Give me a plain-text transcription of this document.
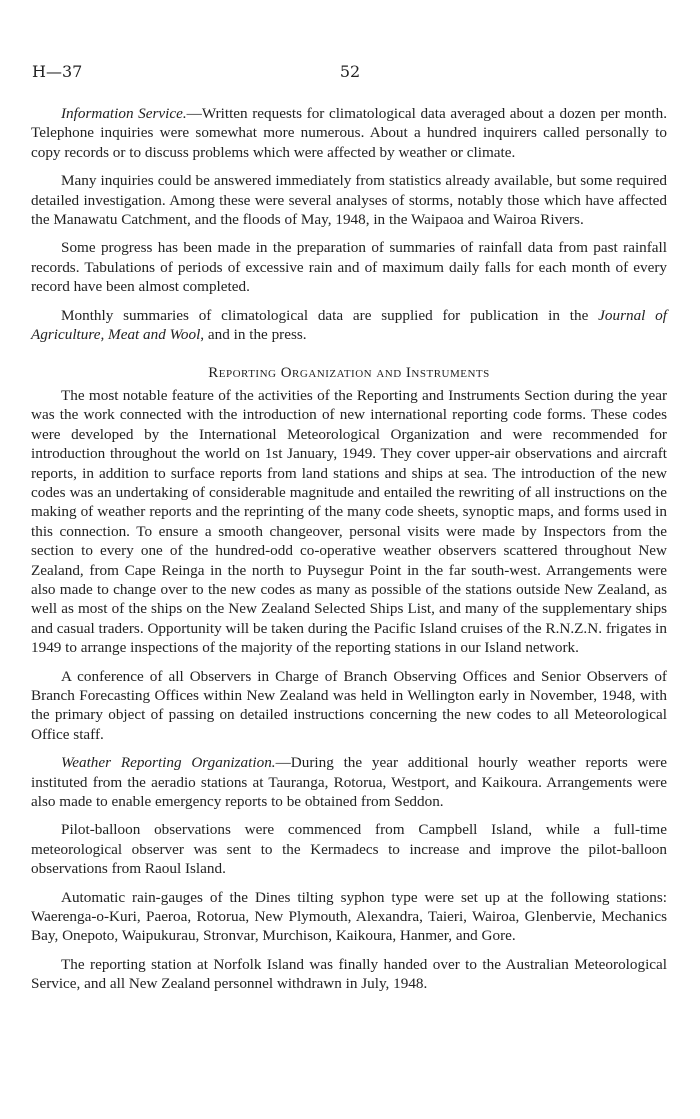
H—37	52

Information Service.—Written requests for climatological data averaged about a dozen per month. Telephone inquiries were somewhat more numerous. About a hundred inquirers called personally to copy records or to discuss problems which were affected by weather or climate.

Many inquiries could be answered immediately from statistics already available, but some required detailed investigation. Among these were several analyses of storms, notably those which have affected the Manawatu Catchment, and the floods of May, 1948, in the Waipaoa and Wairoa Rivers.

Some progress has been made in the preparation of summaries of rainfall data from past rainfall records. Tabulations of periods of excessive rain and of maximum daily falls for each month of every record have been almost completed.

Monthly summaries of climatological data are supplied for publication in the Journal of Agriculture, Meat and Wool, and in the press.

Reporting Organization and Instruments

The most notable feature of the activities of the Reporting and Instruments Section during the year was the work connected with the introduction of new international reporting code forms. These codes were developed by the International Meteorological Organization and were recommended for introduction throughout the world on 1st January, 1949. They cover upper-air observations and aircraft reports, in addition to surface reports from land stations and ships at sea. The introduction of the new codes was an undertaking of considerable magnitude and entailed the rewriting of all instructions on the making of weather reports and the reprinting of the many code sheets, synoptic maps, and forms used in this connection. To ensure a smooth changeover, personal visits were made by Inspectors from the section to every one of the hundred-odd co-operative weather observers scattered throughout New Zealand, from Cape Reinga in the north to Puysegur Point in the far south-west. Arrangements were also made to change over to the new codes as many as possible of the stations outside New Zealand, as well as most of the ships on the New Zealand Selected Ships List, and many of the supplementary ships and casual traders. Opportunity will be taken during the Pacific Island cruises of the R.N.Z.N. frigates in 1949 to arrange inspections of the majority of the reporting stations in our Island network.

A conference of all Observers in Charge of Branch Observing Offices and Senior Observers of Branch Forecasting Offices within New Zealand was held in Wellington early in November, 1948, with the primary object of passing on detailed instructions concerning the new codes to all Meteorological Office staff.

Weather Reporting Organization.—During the year additional hourly weather reports were instituted from the aeradio stations at Tauranga, Rotorua, Westport, and Kaikoura. Arrangements were also made to enable emergency reports to be obtained from Seddon.

Pilot-balloon observations were commenced from Campbell Island, while a full-time meteorological observer was sent to the Kermadecs to increase and improve the pilot-balloon observations from Raoul Island.

Automatic rain-gauges of the Dines tilting syphon type were set up at the following stations: Waerenga-o-Kuri, Paeroa, Rotorua, New Plymouth, Alexandra, Taieri, Wairoa, Glenbervie, Mechanics Bay, Onepoto, Waipukurau, Stronvar, Murchison, Kaikoura, Hanmer, and Gore.

The reporting station at Norfolk Island was finally handed over to the Australian Meteorological Service, and all New Zealand personnel withdrawn in July, 1948.
